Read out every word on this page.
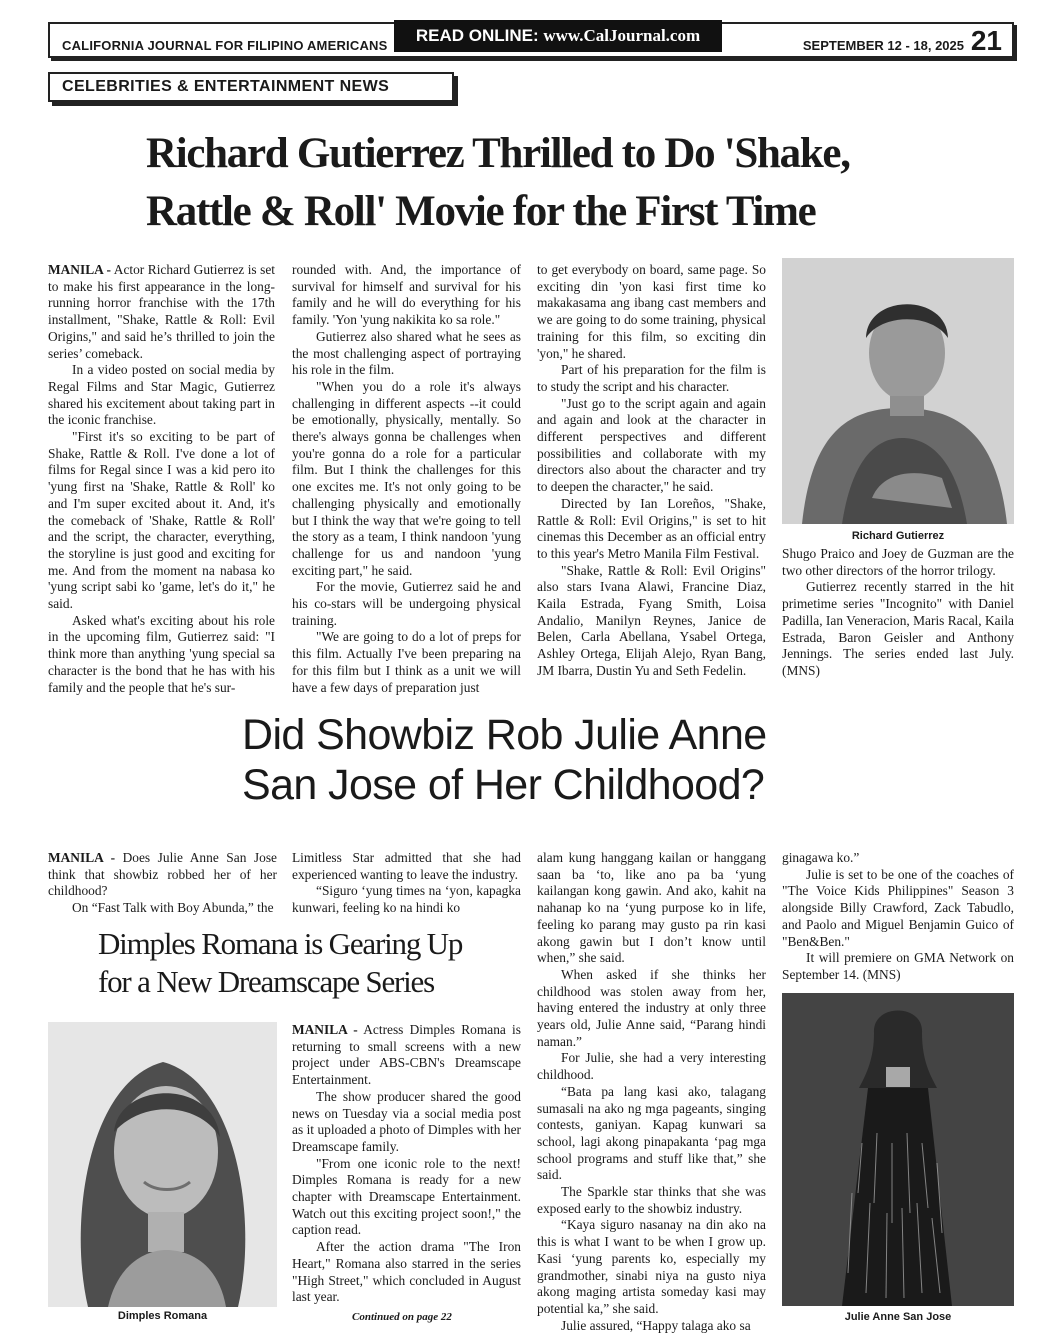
CALIFORNIA JOURNAL FOR FILIPINO AMERICANS
READ ONLINE: www.CalJournal.com
SEPTEMBER 12 - 18, 2025 21
CELEBRITIES & ENTERTAINMENT NEWS
Richard Gutierrez Thrilled to Do 'Shake,
Rattle & Roll' Movie for the First Time

MANILA - Actor Richard Gutierrez is set to make his first appearance in the long-running horror franchise with the 17th installment, "Shake, Rattle & Roll: Evil Origins," and said he’s thrilled to join the series’ comeback.

In a video posted on social media by Regal Films and Star Magic, Gutierrez shared his excitement about taking part in the iconic franchise.

"First it's so exciting to be part of Shake, Rattle & Roll. I've done a lot of films for Regal since I was a kid pero ito 'yung first na 'Shake, Rattle & Roll' ko and I'm super excited about it. And, it's the comeback of 'Shake, Rattle & Roll' and the script, the character, everything, the storyline is just good and exciting for me. And from the moment na nabasa ko 'yung script sabi ko 'game, let's do it," he said.

Asked what's exciting about his role in the upcoming film, Gutierrez said: "I think more than anything 'yung special sa character is the bond that he has with his family and the people that he's sur-

rounded with. And, the importance of survival for himself and survival for his family and he will do everything for his family. 'Yon 'yung nakikita ko sa role."

Gutierrez also shared what he sees as the most challenging aspect of portraying his role in the film.

"When you do a role it's always challenging in different aspects --it could be emotionally, physically, mentally. So there's always gonna be challenges when you're gonna do a role for a particular film. But I think the challenges for this one excites me. It's not only going to be challenging physically and emotionally but I think the way that we're going to tell the story as a team, I think nandoon 'yung challenge for us and nandoon 'yung exciting part," he said.

For the movie, Gutierrez said he and his co-stars will be undergoing physical training.

"We are going to do a lot of preps for this film. Actually I've been preparing na for this film but I think as a unit we will have a few days of preparation just

to get everybody on board, same page. So exciting din 'yon kasi first time ko makakasama ang ibang cast members and we are going to do some training, physical training for this film, so exciting din 'yon," he shared.

Part of his preparation for the film is to study the script and his character.

"Just go to the script again and again and again and look at the character in different perspectives and different possibilities and collaborate with my directors also about the character and try to deepen the character," he said.

Directed by Ian Loreños, "Shake, Rattle & Roll: Evil Origins," is set to hit cinemas this December as an official entry to this year's Metro Manila Film Festival.

"Shake, Rattle & Roll: Evil Origins" also stars Ivana Alawi, Francine Diaz, Kaila Estrada, Fyang Smith, Loisa Andalio, Manilyn Reynes, Janice de Belen, Carla Abellana, Ysabel Ortega, Ashley Ortega, Elijah Alejo, Ryan Bang, JM Ibarra, Dustin Yu and Seth Fedelin.

Richard Gutierrez

Shugo Praico and Joey de Guzman are the two other directors of the horror trilogy.

Gutierrez recently starred in the hit primetime series "Incognito" with Daniel Padilla, Ian Veneracion, Maris Racal, Kaila Estrada, Baron Geisler and Anthony Jennings. The series ended last July. (MNS)

Did Showbiz Rob Julie Anne
San Jose of Her Childhood?

MANILA - Does Julie Anne San Jose think that showbiz robbed her of her childhood?

On “Fast Talk with Boy Abunda,” the

Limitless Star admitted that she had experienced wanting to leave the industry.

“Siguro ‘yung times na ‘yon, kapagka kunwari, feeling ko na hindi ko

alam kung hanggang kailan or hanggang saan ba ‘to, like ano pa ba ‘yung kailangan kong gawin. And ako, kahit na nahanap ko na ‘yung purpose ko in life, feeling ko parang may gusto pa rin kasi akong gawin but I don’t know until when,” she said.

When asked if she thinks her childhood was stolen away from her, having entered the industry at only three years old, Julie Anne said, “Parang hindi naman.”

For Julie, she had a very interesting childhood.

“Bata pa lang kasi ako, talagang sumasali na ako ng mga pageants, singing contests, ganiyan. Kapag kunwari sa school, lagi akong pinapakanta ‘pag mga school programs and stuff like that,” she said.

The Sparkle star thinks that she was exposed early to the showbiz industry.

“Kaya siguro nasanay na din ako na this is what I want to be when I grow up. Kasi ‘yung parents ko, especially my grandmother, sinabi niya na gusto niya akong maging artista someday kasi may potential ka,” she said.

Julie assured, “Happy talaga ako sa

ginagawa ko.”

Julie is set to be one of the coaches of "The Voice Kids Philippines" Season 3 alongside Billy Crawford, Zack Tabudlo, and Paolo and Miguel Benjamin Guico of "Ben&Ben."

It will premiere on GMA Network on September 14. (MNS)

Julie Anne San Jose
Dimples Romana is Gearing Up
for a New Dreamscape Series
Dimples Romana

MANILA - Actress Dimples Romana is returning to small screens with a new project under ABS-CBN's Dreamscape Entertainment.

The show producer shared the good news on Tuesday via a social media post as it uploaded a photo of Dimples with her Dreamscape family.

"From one iconic role to the next! Dimples Romana is ready for a new chapter with Dreamscape Entertainment. Watch out this exciting project soon!," the caption read.

After the action drama "The Iron Heart," Romana also starred in the series "High Street," which concluded in August last year.

Continued on page 22
